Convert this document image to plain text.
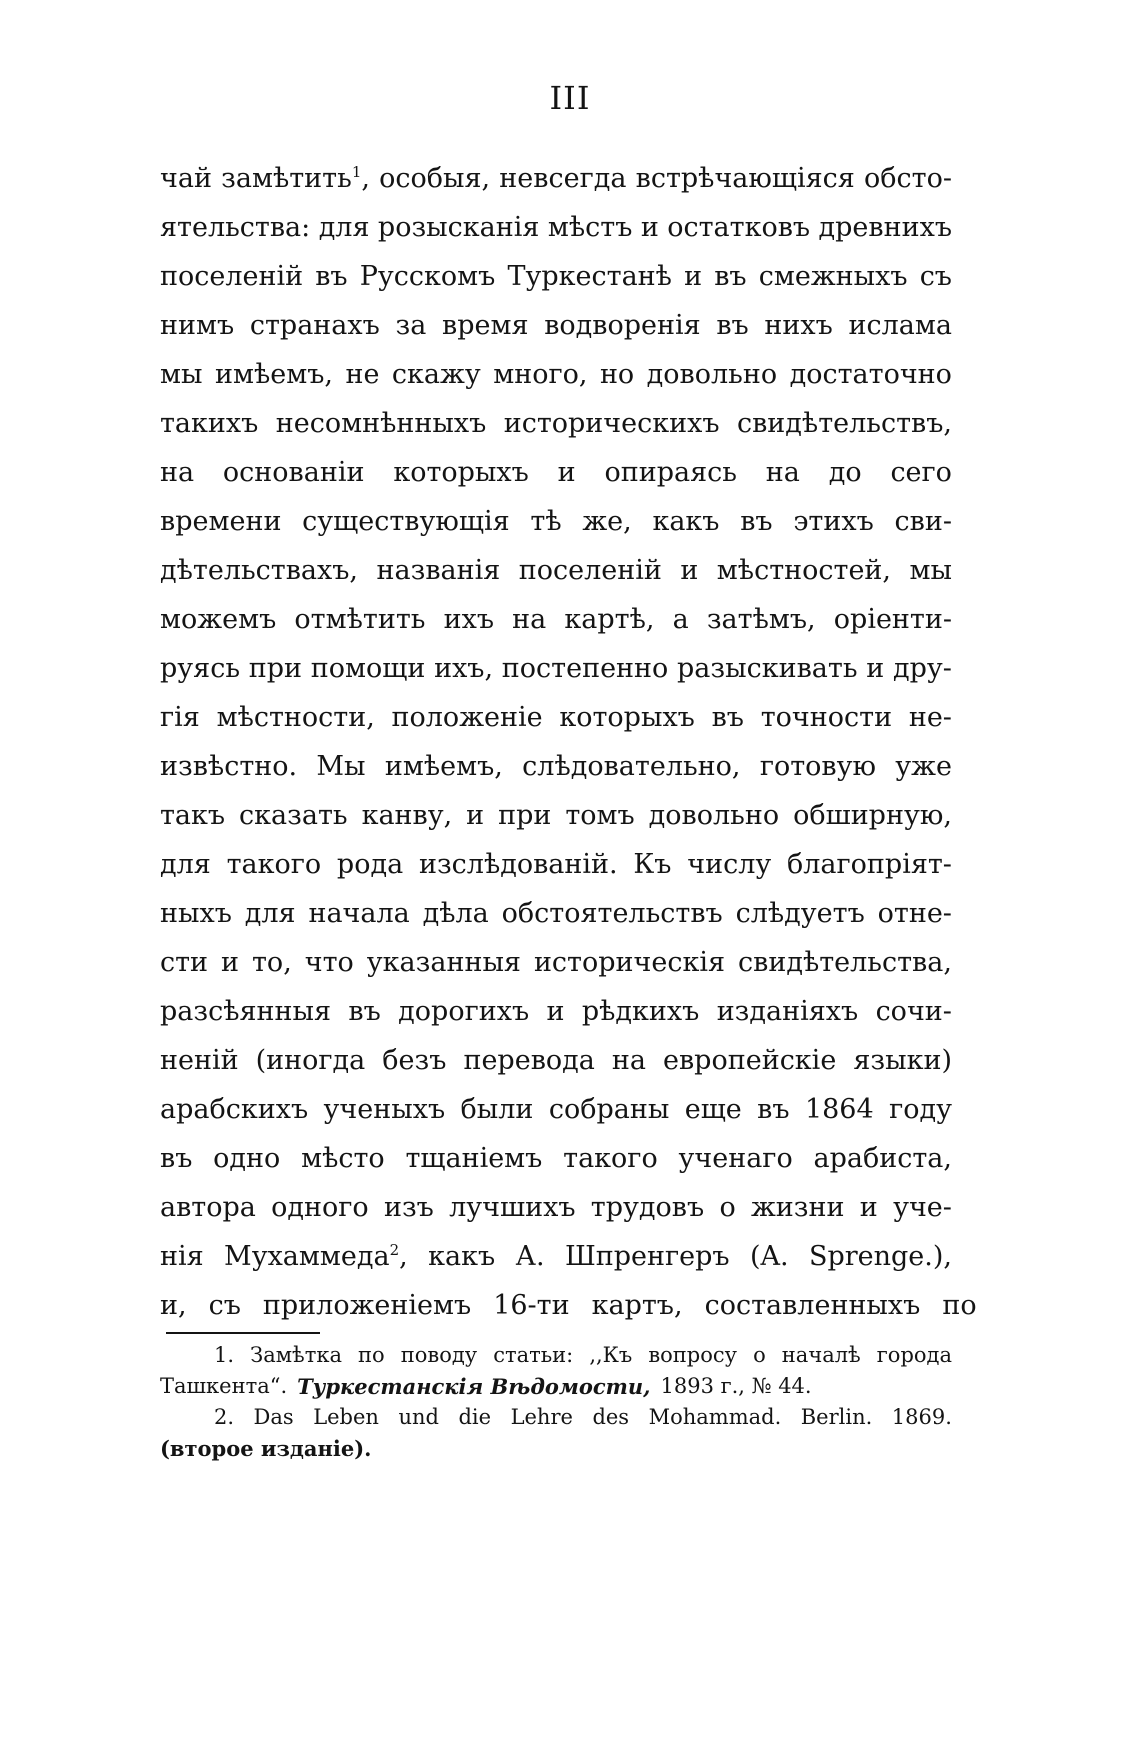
III
чай замѣтить$^1$, особыя, невсегда встрѣчающіяся обсто-
ятельства: для розысканія мѣстъ и остатковъ древнихъ
поселеній въ Русскомъ Туркестанѣ и въ смежныхъ съ
нимъ странахъ за время водворенія въ нихъ ислама
мы имѣемъ, не скажу много, но довольно достаточно
такихъ несомнѣнныхъ историческихъ свидѣтельствъ,
на основаніи которыхъ и опираясь на до сего
времени существующія тѣ же, какъ въ этихъ сви-
дѣтельствахъ, названія поселеній и мѣстностей, мы
можемъ отмѣтить ихъ на картѣ, а затѣмъ, оріенти-
руясь при помощи ихъ, постепенно разыскивать и дру-
гія мѣстности, положеніе которыхъ въ точности не-
извѣстно. Мы имѣемъ, слѣдовательно, готовую уже
такъ сказать канву, и при томъ довольно обширную,
для такого рода изслѣдованій. Къ числу благопріят-
ныхъ для начала дѣла обстоятельствъ слѣдуетъ отне-
сти и то, что указанныя историческія свидѣтельства,
разсѣянныя въ дорогихъ и рѣдкихъ изданіяхъ сочи-
неній (иногда безъ перевода на европейскіе языки)
арабскихъ ученыхъ были собраны еще въ 1864 году
въ одно мѣсто тщаніемъ такого ученаго арабиста,
автора одного изъ лучшихъ трудовъ о жизни и уче-
нія Мухаммеда$^2$, какъ А. Шпренгеръ (A. Sprenge.),
и, съ приложеніемъ 16-ти картъ, составленныхъ по
1. Замѣтка по поводу статьи: ,,Къ вопросу о началѣ города
Ташкента“. Туркестанскія Вѣдомости, 1893 г., № 44.
2. Das Leben und die Lehre des Mohammad. Berlin. 1869.
(второе изданіе).
